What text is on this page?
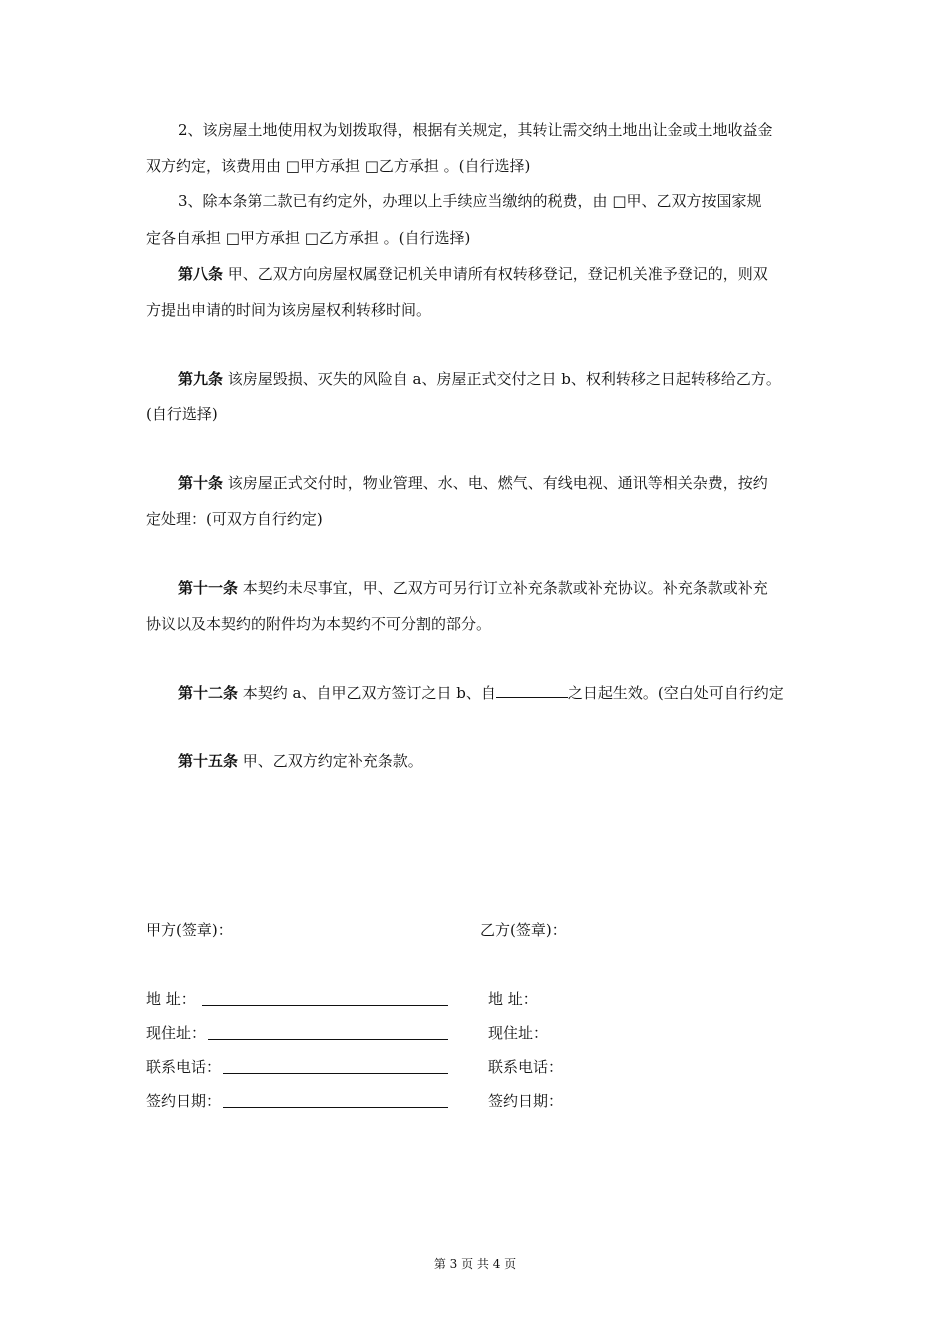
2、该房屋土地使用权为划拨取得，根据有关规定，其转让需交纳土地出让金或土地收益金
双方约定，该费用由 □甲方承担 □乙方承担 。(自行选择)
3、除本条第二款已有约定外，办理以上手续应当缴纳的税费，由 □甲、乙双方按国家规
定各自承担 □甲方承担 □乙方承担 。(自行选择)
第八条 甲、乙双方向房屋权属登记机关申请所有权转移登记，登记机关准予登记的，则双
方提出申请的时间为该房屋权利转移时间。
第九条 该房屋毁损、灭失的风险自 a、房屋正式交付之日 b、权利转移之日起转移给乙方。
(自行选择)
第十条 该房屋正式交付时，物业管理、水、电、燃气、有线电视、通讯等相关杂费，按约
定处理：(可双方自行约定)
第十一条 本契约未尽事宜，甲、乙双方可另行订立补充条款或补充协议。补充条款或补充
协议以及本契约的附件均为本契约不可分割的部分。
第十二条 本契约 a、自甲乙双方签订之日 b、自	之日起生效。(空白处可自行约定
第十五条 甲、乙双方约定补充条款。
甲方(签章)：
地 址：
现住址：
联系电话：
签约日期：
乙方(签章)：
地 址：
现住址：
联系电话：
签约日期：
第 3 页 共 4 页
